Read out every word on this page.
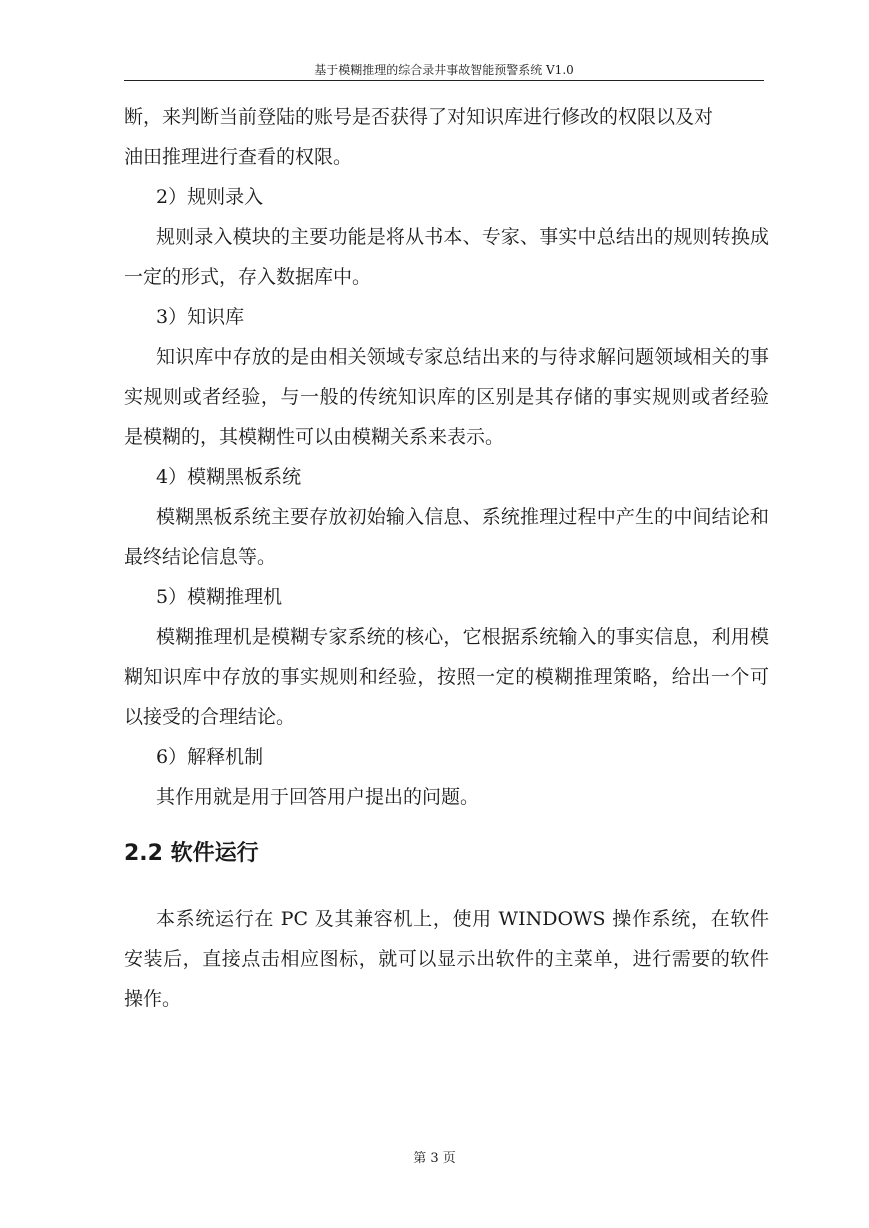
基于模糊推理的综合录井事故智能预警系统 V1.0

断，来判断当前登陆的账号是否获得了对知识库进行修改的权限以及对

油田推理进行查看的权限。

2）规则录入

规则录入模块的主要功能是将从书本、专家、事实中总结出的规则转换成一定的形式，存入数据库中。

3）知识库

知识库中存放的是由相关领域专家总结出来的与待求解问题领域相关的事实规则或者经验，与一般的传统知识库的区别是其存储的事实规则或者经验是模糊的，其模糊性可以由模糊关系来表示。

4）模糊黑板系统

模糊黑板系统主要存放初始输入信息、系统推理过程中产生的中间结论和最终结论信息等。

5）模糊推理机

模糊推理机是模糊专家系统的核心，它根据系统输入的事实信息，利用模糊知识库中存放的事实规则和经验，按照一定的模糊推理策略，给出一个可以接受的合理结论。

6）解释机制

其作用就是用于回答用户提出的问题。

2.2 软件运行

本系统运行在 PC 及其兼容机上，使用 WINDOWS 操作系统，在软件安装后，直接点击相应图标，就可以显示出软件的主菜单，进行需要的软件操作。

第 3 页
